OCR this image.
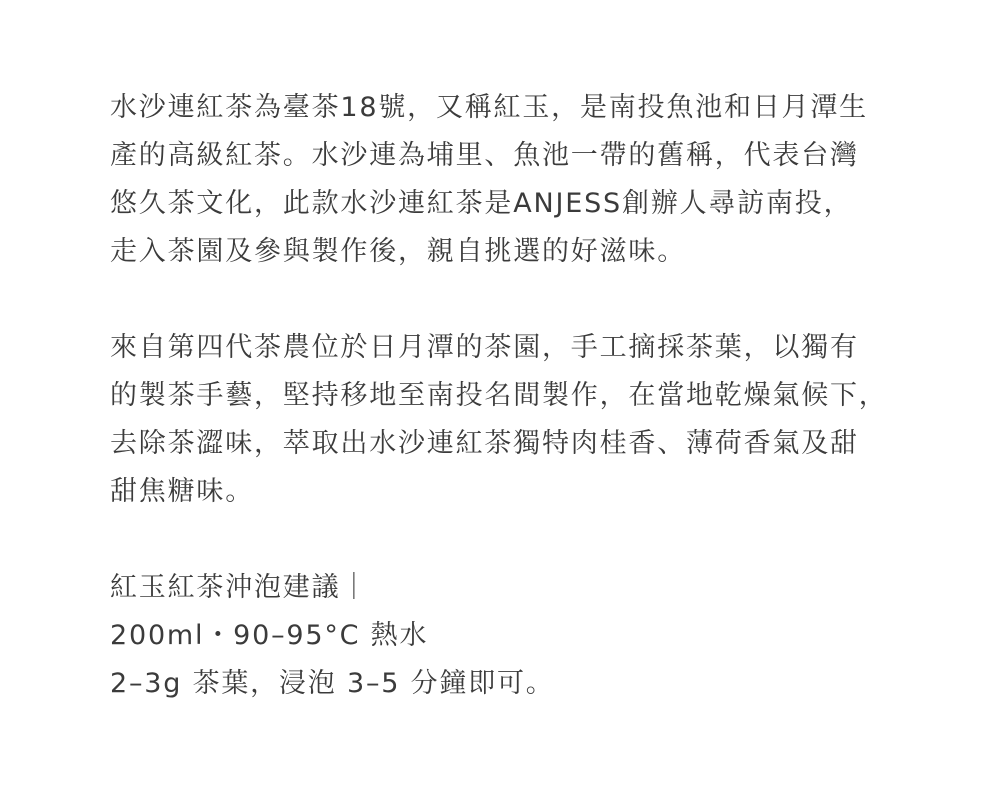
水沙連紅茶為臺茶18號，又稱紅玉，是南投魚池和日月潭生
產的高級紅茶。水沙連為埔里、魚池一帶的舊稱，代表台灣
悠久茶文化，此款水沙連紅茶是ANJESS創辦人尋訪南投，
走入茶園及參與製作後，親自挑選的好滋味。
來自第四代茶農位於日月潭的茶園，手工摘採茶葉，以獨有
的製茶手藝，堅持移地至南投名間製作，在當地乾燥氣候下，
去除茶澀味，萃取出水沙連紅茶獨特肉桂香、薄荷香氣及甜
甜焦糖味。
紅玉紅茶沖泡建議｜
200ml・90–95°C 熱水
2–3g 茶葉，浸泡 3–5 分鐘即可。
